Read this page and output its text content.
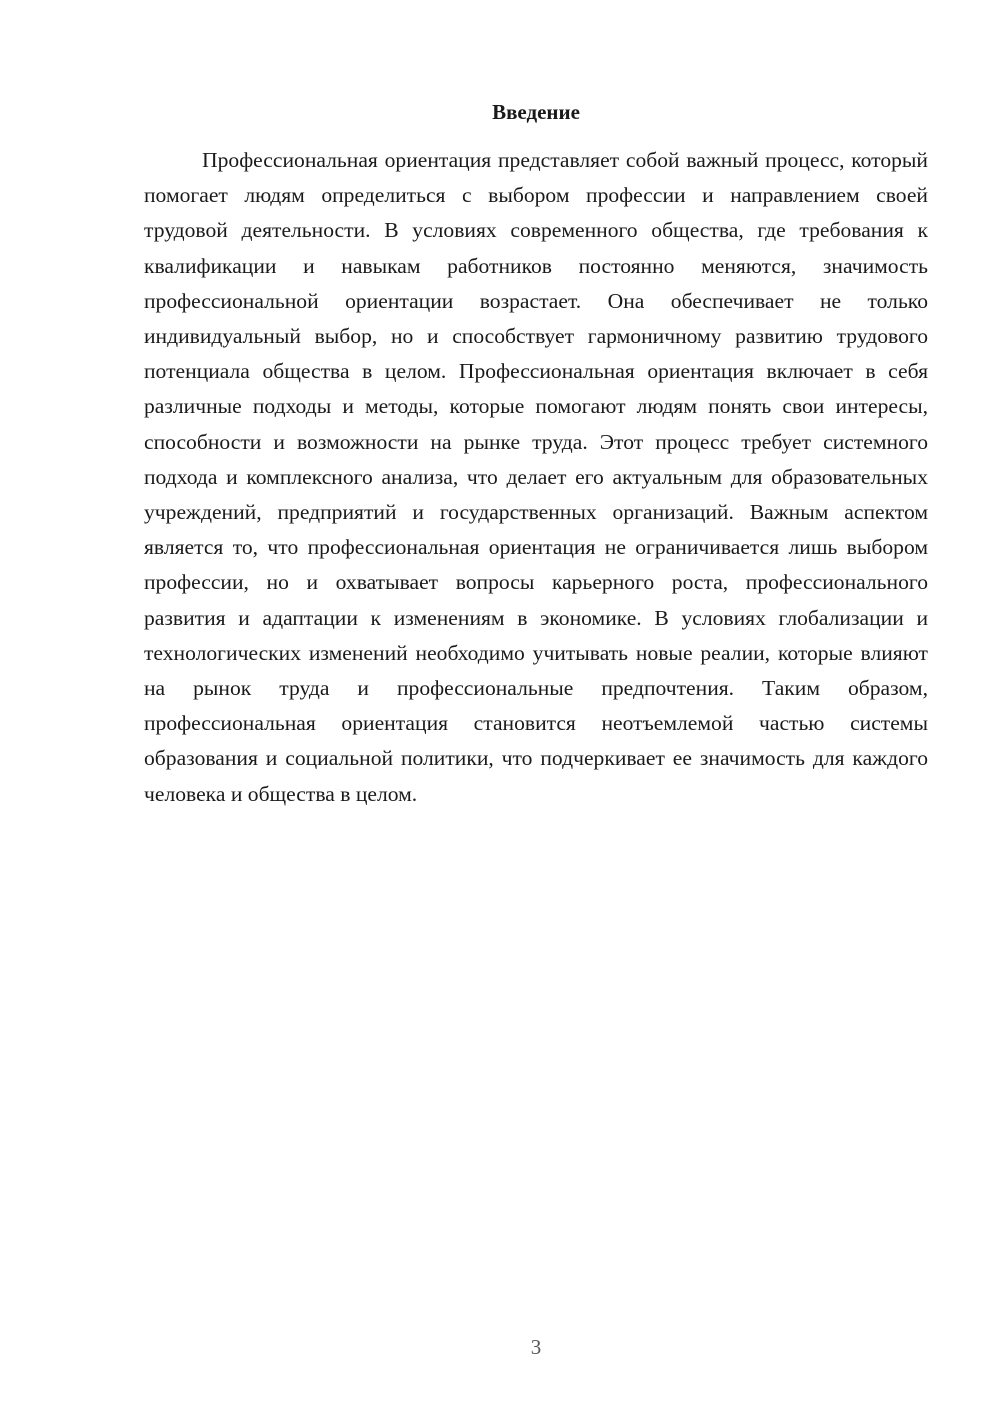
Введение

Профессиональная ориентация представляет собой важный процесс, который помогает людям определиться с выбором профессии и направлением своей трудовой деятельности. В условиях современного общества, где требования к квалификации и навыкам работников постоянно меняются, значимость профессиональной ориентации возрастает. Она обеспечивает не только индивидуальный выбор, но и способствует гармоничному развитию трудового потенциала общества в целом. Профессиональная ориентация включает в себя различные подходы и методы, которые помогают людям понять свои интересы, способности и возможности на рынке труда. Этот процесс требует системного подхода и комплексного анализа, что делает его актуальным для образовательных учреждений, предприятий и государственных организаций. Важным аспектом является то, что профессиональная ориентация не ограничивается лишь выбором профессии, но и охватывает вопросы карьерного роста, профессионального развития и адаптации к изменениям в экономике. В условиях глобализации и технологических изменений необходимо учитывать новые реалии, которые влияют на рынок труда и профессиональные предпочтения. Таким образом, профессиональная ориентация становится неотъемлемой частью системы образования и социальной политики, что подчеркивает ее значимость для каждого человека и общества в целом.

3
